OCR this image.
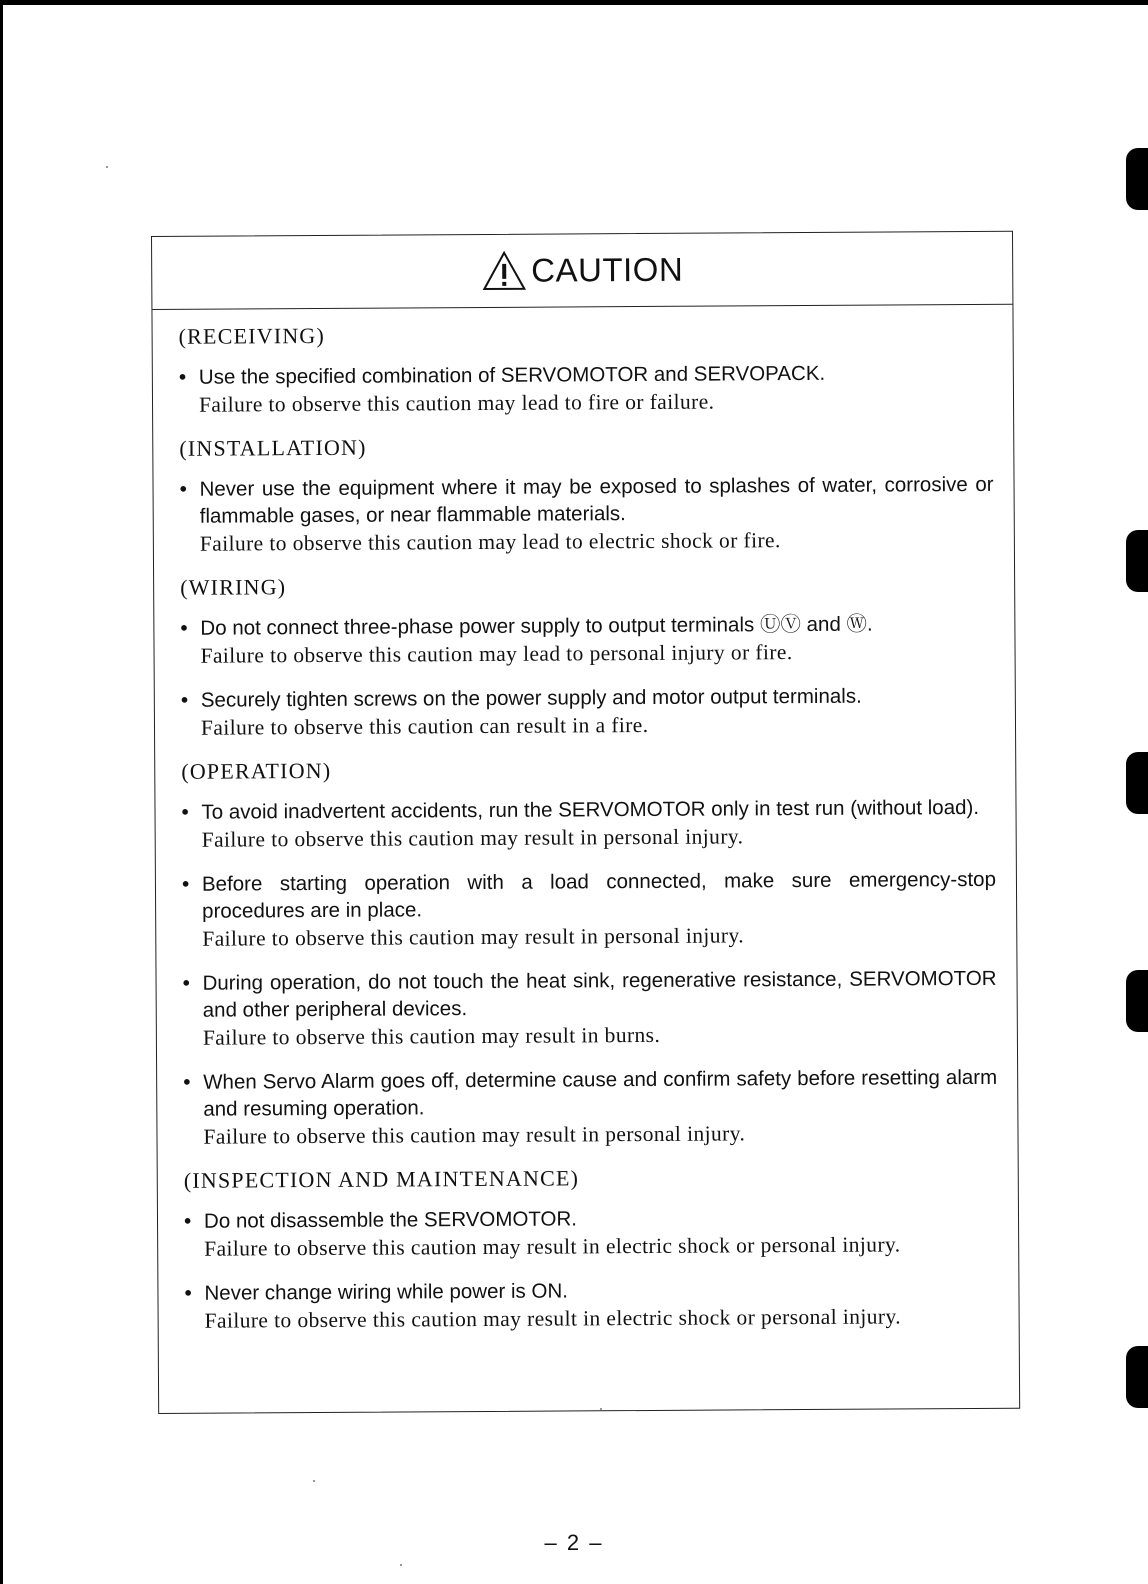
CAUTION
(RECEIVING)
• Use the specified combination of SERVOMOTOR and SERVOPACK.

Failure to observe this caution may lead to fire or failure.

(INSTALLATION)
• Never use the equipment where it may be exposed to splashes of water, corrosive or flammable gases, or near flammable materials.

Failure to observe this caution may lead to electric shock or fire.

(WIRING)
• Do not connect three-phase power supply to output terminals ⓊⓋ and Ⓦ.

Failure to observe this caution may lead to personal injury or fire.

• Securely tighten screws on the power supply and motor output terminals.

Failure to observe this caution can result in a fire.

(OPERATION)
• To avoid inadvertent accidents, run the SERVOMOTOR only in test run (without load).

Failure to observe this caution may result in personal injury.

• Before starting operation with a load connected, make sure emergency-stop procedures are in place.

Failure to observe this caution may result in personal injury.

• During operation, do not touch the heat sink, regenerative resistance, SERVOMOTOR and other peripheral devices.

Failure to observe this caution may result in burns.

• When Servo Alarm goes off, determine cause and confirm safety before resetting alarm and resuming operation.

Failure to observe this caution may result in personal injury.

(INSPECTION AND MAINTENANCE)
• Do not disassemble the SERVOMOTOR.

Failure to observe this caution may result in electric shock or personal injury.

• Never change wiring while power is ON.

Failure to observe this caution may result in electric shock or personal injury.

– 2 –
